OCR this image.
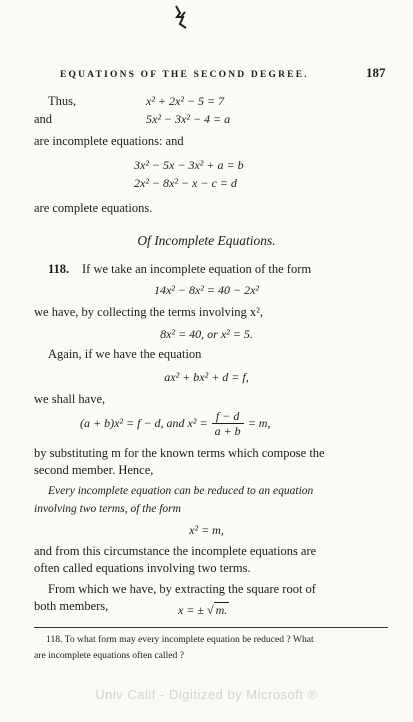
EQUATIONS OF THE SECOND DEGREE.	187
Thus,	x² + 2x² − 5 = 7
and	5x² − 3x² − 4 = a
are incomplete equations: and
3x² − 5x − 3x² + a = b
2x² − 8x² − x − c = d
are complete equations.
Of Incomplete Equations.
118. If we take an incomplete equation of the form
14x² − 8x² = 40 − 2x²
we have, by collecting the terms involving x²,
8x² = 40, or x² = 5.
Again, if we have the equation
ax² + bx² + d = f,
we shall have,
(a + b)x² = f − d, and $x^2 = \frac{f - d}{a + b} = m$,
by substituting m for the known terms which compose the
second member. Hence,
Every incomplete equation can be reduced to an equation
involving two terms, of the form
x² = m,
and from this circumstance the incomplete equations are
often called equations involving two terms.
From which we have, by extracting the square root of
both members,	x = ± √ m.
118. To what form may every incomplete equation be reduced ? What
are incomplete equations often called ?
Univ Calif - Digitized by Microsoft ®
